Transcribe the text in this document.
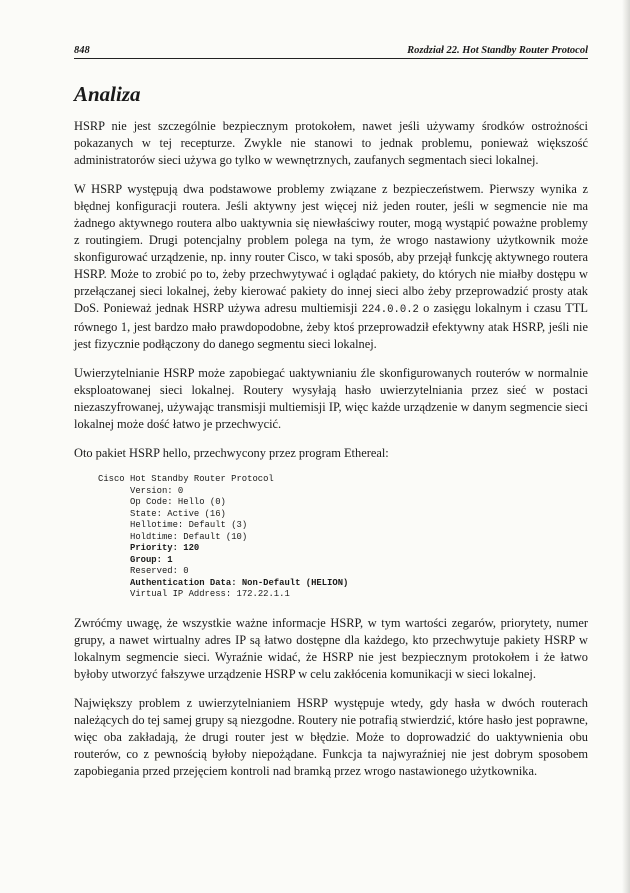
848	Rozdział 22. Hot Standby Router Protocol
Analiza

HSRP nie jest szczególnie bezpiecznym protokołem, nawet jeśli używamy środków ostrożności pokazanych w tej recepturze. Zwykle nie stanowi to jednak problemu, ponieważ większość administratorów sieci używa go tylko w wewnętrznych, zaufanych segmentach sieci lokalnej.

W HSRP występują dwa podstawowe problemy związane z bezpieczeństwem. Pierwszy wynika z błędnej konfiguracji routera. Jeśli aktywny jest więcej niż jeden router, jeśli w segmencie nie ma żadnego aktywnego routera albo uaktywnia się niewłaściwy router, mogą wystąpić poważne problemy z routingiem. Drugi potencjalny problem polega na tym, że wrogo nastawiony użytkownik może skonfigurować urządzenie, np. inny router Cisco, w taki sposób, aby przejął funkcję aktywnego routera HSRP. Może to zrobić po to, żeby przechwytywać i oglądać pakiety, do których nie miałby dostępu w przełączanej sieci lokalnej, żeby kierować pakiety do innej sieci albo żeby przeprowadzić prosty atak DoS. Ponieważ jednak HSRP używa adresu multiemisji 224.0.0.2 o zasięgu lokalnym i czasu TTL równego 1, jest bardzo mało prawdopodobne, żeby ktoś przeprowadził efektywny atak HSRP, jeśli nie jest fizycznie podłączony do danego segmentu sieci lokalnej.

Uwierzytelnianie HSRP może zapobiegać uaktywnianiu źle skonfigurowanych routerów w normalnie eksploatowanej sieci lokalnej. Routery wysyłają hasło uwierzytelniania przez sieć w postaci niezaszyfrowanej, używając transmisji multiemisji IP, więc każde urządzenie w danym segmencie sieci lokalnej może dość łatwo je przechwycić.

Oto pakiet HSRP hello, przechwycony przez program Ethereal:

Cisco Hot Standby Router Protocol
Version: 0
Op Code: Hello (0)
State: Active (16)
Hellotime: Default (3)
Holdtime: Default (10)
Priority: 120
Group: 1
Reserved: 0
Authentication Data: Non-Default (HELION)
Virtual IP Address: 172.22.1.1

Zwróćmy uwagę, że wszystkie ważne informacje HSRP, w tym wartości zegarów, priorytety, numer grupy, a nawet wirtualny adres IP są łatwo dostępne dla każdego, kto przechwytuje pakiety HSRP w lokalnym segmencie sieci. Wyraźnie widać, że HSRP nie jest bezpiecznym protokołem i że łatwo byłoby utworzyć fałszywe urządzenie HSRP w celu zakłócenia komunikacji w sieci lokalnej.

Największy problem z uwierzytelnianiem HSRP występuje wtedy, gdy hasła w dwóch routerach należących do tej samej grupy są niezgodne. Routery nie potrafią stwierdzić, które hasło jest poprawne, więc oba zakładają, że drugi router jest w błędzie. Może to doprowadzić do uaktywnienia obu routerów, co z pewnością byłoby niepożądane. Funkcja ta najwyraźniej nie jest dobrym sposobem zapobiegania przed przejęciem kontroli nad bramką przez wrogo nastawionego użytkownika.
